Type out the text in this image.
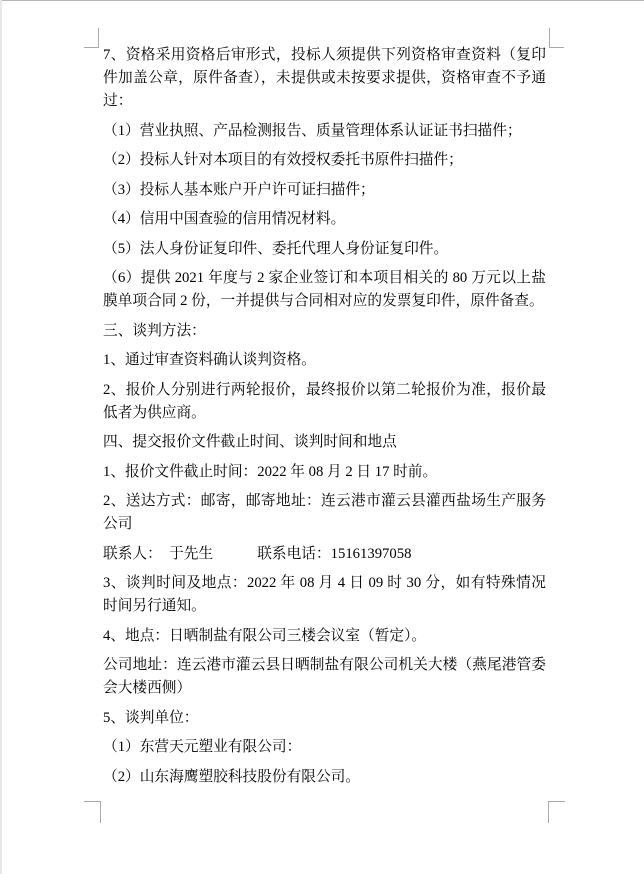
7、资格采用资格后审形式，投标人须提供下列资格审查资料（复印件加盖公章，原件备查），未提供或未按要求提供，资格审查不予通过：

（1）营业执照、产品检测报告、质量管理体系认证证书扫描件；

（2）投标人针对本项目的有效授权委托书原件扫描件；

（3）投标人基本账户开户许可证扫描件；

（4）信用中国查验的信用情况材料。

（5）法人身份证复印件、委托代理人身份证复印件。

（6）提供 2021 年度与 2 家企业签订和本项目相关的 80 万元以上盐膜单项合同 2 份，一并提供与合同相对应的发票复印件，原件备查。

三、谈判方法：

1、通过审查资料确认谈判资格。

2、报价人分别进行两轮报价，最终报价以第二轮报价为准，报价最低者为供应商。

四、提交报价文件截止时间、谈判时间和地点

1、报价文件截止时间：2022 年 08 月 2 日 17 时前。

2、送达方式：邮寄，邮寄地址：连云港市灌云县灌西盐场生产服务公司

联系人：　于先生　　　联系电话：15161397058

3、谈判时间及地点：2022 年 08 月 4 日 09 时 30 分，如有特殊情况时间另行通知。

4、地点：日晒制盐有限公司三楼会议室（暂定）。

公司地址：连云港市灌云县日晒制盐有限公司机关大楼（燕尾港管委会大楼西侧）

5、谈判单位：

（1）东营天元塑业有限公司：

（2）山东海鹰塑胶科技股份有限公司。
